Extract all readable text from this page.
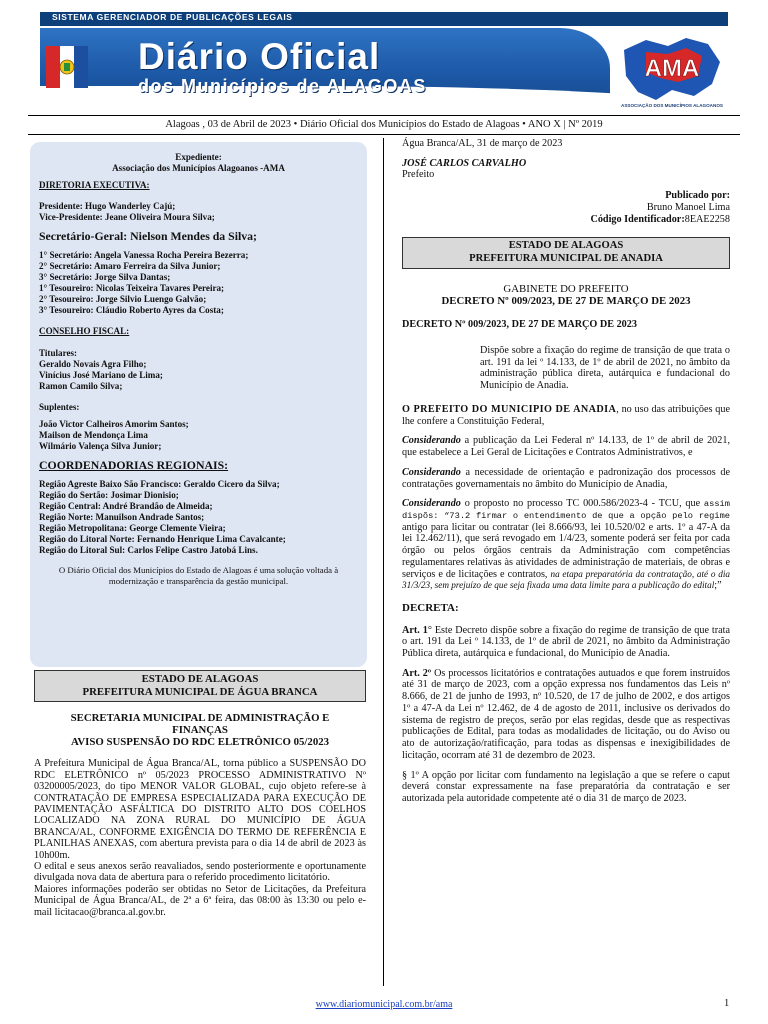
SISTEMA GERENCIADOR DE PUBLICAÇÕES LEGAIS
Diário Oficial
dos Municípios de ALAGOAS
AMA
ASSOCIAÇÃO DOS MUNICÍPIOS ALAGOANOS
Alagoas , 03 de Abril de 2023 • Diário Oficial dos Municípios do Estado de Alagoas • ANO X | Nº 2019
Expediente:
Associação dos Municípios Alagoanos -AMA
DIRETORIA EXECUTIVA:
Presidente: Hugo Wanderley Cajú;
Vice-Presidente: Jeane Oliveira Moura Silva;
Secretário-Geral: Nielson Mendes da Silva;
1° Secretário: Angela Vanessa Rocha Pereira Bezerra;
2° Secretário: Amaro Ferreira da Silva Junior;
3° Secretário: Jorge Silva Dantas;
1° Tesoureiro: Nicolas Teixeira Tavares Pereira;
2° Tesoureiro: Jorge Silvio Luengo Galvão;
3° Tesoureiro: Cláudio Roberto Ayres da Costa;
CONSELHO FISCAL:
Titulares:
Geraldo Novais Agra Filho;
Vinícius José Mariano de Lima;
Ramon Camilo Silva;
Suplentes:
João Victor Calheiros Amorim Santos;
Mailson de Mendonça Lima
Wilmário Valença Silva Junior;
COORDENADORIAS REGIONAIS:
Região Agreste Baixo São Francisco: Geraldo Cicero da Silva;
Região do Sertão: Josimar Dionisio;
Região Central: André Brandão de Almeida;
Região Norte: Manuilson Andrade Santos;
Região Metropolitana: George Clemente Vieira;
Região do Litoral Norte: Fernando Henrique Lima Cavalcante;
Região do Litoral Sul: Carlos Felipe Castro Jatobá Lins.
O Diário Oficial dos Municípios do Estado de Alagoas é uma solução voltada à modernização e transparência da gestão municipal.
ESTADO DE ALAGOAS
PREFEITURA MUNICIPAL DE ÁGUA BRANCA
SECRETARIA MUNICIPAL DE ADMINISTRAÇÃO E
FINANÇAS
AVISO SUSPENSÃO DO RDC ELETRÔNICO 05/2023

A Prefeitura Municipal de Água Branca/AL, torna público a SUSPENSÃO DO RDC ELETRÔNICO nº 05/2023 PROCESSO ADMINISTRATIVO Nº 03200005/2023, do tipo MENOR VALOR GLOBAL, cujo objeto refere-se à CONTRATAÇÃO DE EMPRESA ESPECIALIZADA PARA EXECUÇÃO DE PAVIMENTAÇÃO ASFÁLTICA DO DISTRITO ALTO DOS COELHOS LOCALIZADO NA ZONA RURAL DO MUNICÍPIO DE ÁGUA BRANCA/AL, CONFORME EXIGÊNCIA DO TERMO DE REFERÊNCIA E PLANILHAS ANEXAS, com abertura prevista para o dia 14 de abril de 2023 às 10h00m.

O edital e seus anexos serão reavaliados, sendo posteriormente e oportunamente divulgada nova data de abertura para o referido procedimento licitatório.

Maiores informações poderão ser obtidas no Setor de Licitações, da Prefeitura Municipal de Água Branca/AL, de 2ª a 6ª feira, das 08:00 às 13:30 ou pelo e-mail licitacao@branca.al.gov.br.

Água Branca/AL, 31 de março de 2023
JOSÉ CARLOS CARVALHO
Prefeito
Publicado por:
Bruno Manoel Lima
Código Identificador:8EAE2258
ESTADO DE ALAGOAS
PREFEITURA MUNICIPAL DE ANADIA
GABINETE DO PREFEITO
DECRETO Nº 009/2023, DE 27 DE MARÇO DE 2023
DECRETO Nº 009/2023, DE 27 DE MARÇO DE 2023

Dispõe sobre a fixação do regime de transição de que trata o art. 191 da lei º 14.133, de 1º de abril de 2021, no âmbito da administração pública direta, autárquica e fundacional do Município de Anadia.

O PREFEITO DO MUNICIPIO DE ANADIA, no uso das atribuições que lhe confere a Constituição Federal,

Considerando a publicação da Lei Federal nº 14.133, de 1º de abril de 2021, que estabelece a Lei Geral de Licitações e Contratos Administrativos, e

Considerando a necessidade de orientação e padronização dos processos de contratações governamentais no âmbito do Município de Anadia,

Considerando o proposto no processo TC 000.586/2023-4 - TCU, que assim dispõs: “73.2 firmar o entendimento de que a opção pelo regime antigo para licitar ou contratar (lei 8.666/93, lei 10.520/02 e arts. 1º a 47-A da lei 12.462/11), que será revogado em 1/4/23, somente poderá ser feita por cada órgão ou pelos órgãos centrais da Administração com competências regulamentares relativas às atividades de administração de materiais, de obras e serviços e de licitações e contratos, na etapa preparatória da contratação, até o dia 31/3/23, sem prejuízo de que seja fixada uma data limite para a publicação do edital;”

DECRETA:

Art. 1° Este Decreto dispõe sobre a fixação do regime de transição de que trata o art. 191 da Lei º 14.133, de 1º de abril de 2021, no âmbito da Administração Pública direta, autárquica e fundacional, do Município de Anadia.

Art. 2º Os processos licitatórios e contratações autuados e que forem instruídos até 31 de março de 2023, com a opção expressa nos fundamentos das Leis nº 8.666, de 21 de junho de 1993, nº 10.520, de 17 de julho de 2002, e dos artigos 1º a 47-A da Lei nº 12.462, de 4 de agosto de 2011, inclusive os derivados do sistema de registro de preços, serão por elas regidas, desde que as respectivas publicações de Edital, para todas as modalidades de licitação, ou do Aviso ou ato de autorização/ratificação, para todas as dispensas e inexigibilidades de licitação, ocorram até 31 de dezembro de 2023.

§ 1º A opção por licitar com fundamento na legislação a que se refere o caput deverá constar expressamente na fase preparatória da contratação e ser autorizada pela autoridade competente até o dia 31 de março de 2023.

www.diariomunicipal.com.br/ama	1
